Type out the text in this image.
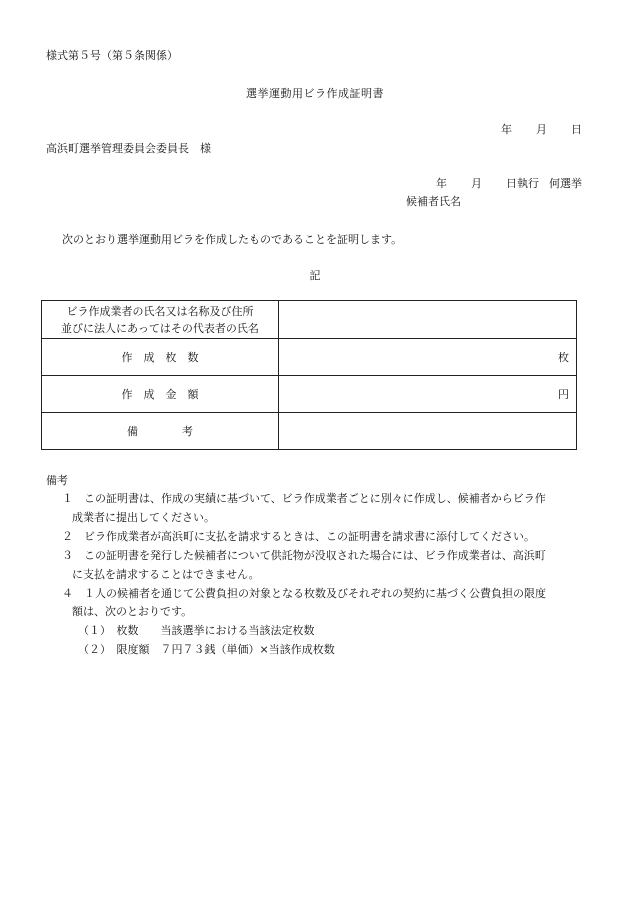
様式第５号（第５条関係）
選挙運動用ビラ作成証明書
年 月 日
高浜町選挙管理委員会委員長　様
年 月 日執行 何選挙
候補者氏名
次のとおり選挙運動用ビラを作成したものであることを証明します。
記
ビラ作成業者の氏名又は名称及び住所
並びに法人にあってはその代表者の氏名	

作　成　枚　数	枚
作　成　金　額	円
備　　　　考	
備考
１　この証明書は、作成の実績に基づいて、ビラ作成業者ごとに別々に作成し、候補者からビラ作
成業者に提出してください。
２　ビラ作成業者が高浜町に支払を請求するときは、この証明書を請求書に添付してください。
３　この証明書を発行した候補者について供託物が没収された場合には、ビラ作成業者は、高浜町
に支払を請求することはできません。
４　１人の候補者を通じて公費負担の対象となる枚数及びそれぞれの契約に基づく公費負担の限度
額は、次のとおりです。
（１）　枚数　　当該選挙における当該法定枚数
（２）　限度額　７円７３銭（単価）×当該作成枚数
